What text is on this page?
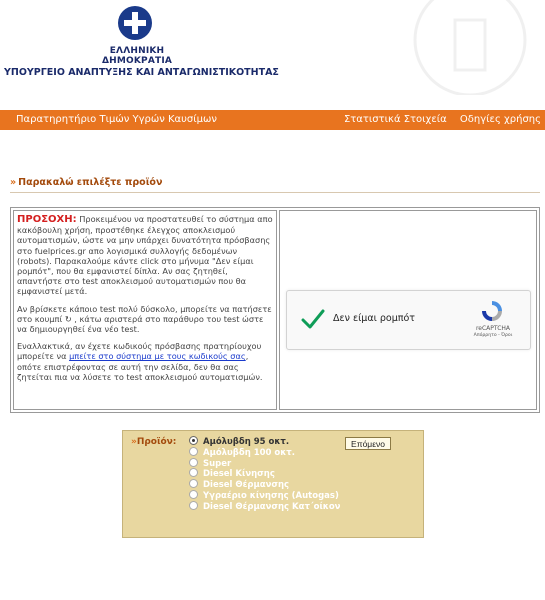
ΕΛΛΗΝΙΚΗ ΔΗΜΟΚΡΑΤΙΑ
ΥΠΟΥΡΓΕΙΟ ΑΝΑΠΤΥΞΗΣ ΚΑΙ ΑΝΤΑΓΩΝΙΣΤΙΚΟΤΗΤΑΣ
Παρατηρητήριο Τιμών Υγρών Καυσίμων	Στατιστικά Στοιχεία Οδηγίες χρήσης
» Παρακαλώ επιλέξτε προϊόν

ΠΡΟΣΟΧΗ: Προκειμένου να προστατευθεί το σύστημα απο κακόβουλη χρήση, προστέθηκε έλεγχος αποκλεισμού αυτοματισμών, ώστε να μην υπάρχει δυνατότητα πρόσβασης στο fuelprices.gr απο λογισμικά συλλογής δεδομένων (robots). Παρακαλούμε κάντε click στο μήνυμα "Δεν είμαι ρομπότ", που θα εμφανιστεί δίπλα. Αν σας ζητηθεί, απαντήστε στο test αποκλεισμού αυτοματισμών που θα εμφανιστεί μετά.

Αν βρίσκετε κάποιο test πολύ δύσκολο, μπορείτε να πατήσετε στο κουμπί ↻ , κάτω αριστερά στο παράθυρο του test ώστε να δημιουργηθεί ένα νέο test.

Εναλλακτικά, αν έχετε κωδικούς πρόσβασης πρατηρίουχου μπορείτε να μπείτε στο σύστημα με τους κωδικούς σας, οπότε επιστρέφοντας σε αυτή την σελίδα, δεν θα σας ζητείται πια να λύσετε το test αποκλεισμού αυτοματισμών.

Δεν είμαι ρομπότ
reCAPTCHA
Απόρρητο - Όροι
»Προϊόν:	Αμόλυβδη 95 οκτ.
Αμόλυβδη 100 οκτ.
Super
Diesel Κίνησης
Diesel Θέρμανσης
Υγραέριο κίνησης (Autogas)
Diesel Θέρμανσης Κατ΄οίκον
Επόμενο
